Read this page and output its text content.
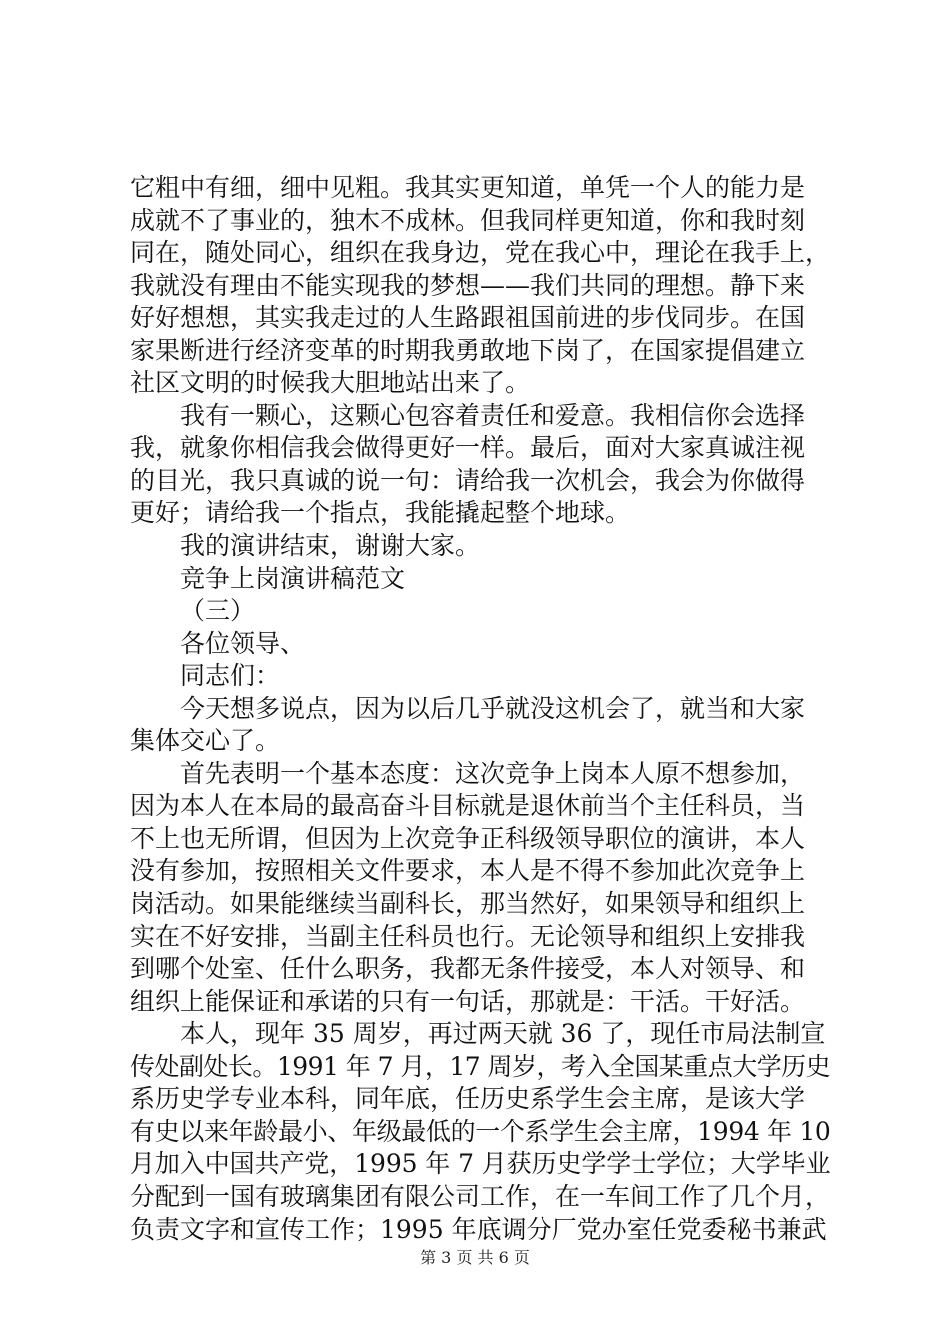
它粗中有细，细中见粗。我其实更知道，单凭一个人的能力是
成就不了事业的，独木不成林。但我同样更知道，你和我时刻
同在，随处同心，组织在我身边，党在我心中，理论在我手上，
我就没有理由不能实现我的梦想——我们共同的理想。静下来
好好想想，其实我走过的人生路跟祖国前进的步伐同步。在国
家果断进行经济变革的时期我勇敢地下岗了，在国家提倡建立
社区文明的时候我大胆地站出来了。
我有一颗心，这颗心包容着责任和爱意。我相信你会选择
我，就象你相信我会做得更好一样。最后，面对大家真诚注视
的目光，我只真诚的说一句：请给我一次机会，我会为你做得
更好；请给我一个指点，我能撬起整个地球。
我的演讲结束，谢谢大家。
竞争上岗演讲稿范文
（三）
各位领导、
同志们：
今天想多说点，因为以后几乎就没这机会了，就当和大家
集体交心了。
首先表明一个基本态度：这次竞争上岗本人原不想参加，
因为本人在本局的最高奋斗目标就是退休前当个主任科员，当
不上也无所谓，但因为上次竞争正科级领导职位的演讲，本人
没有参加，按照相关文件要求，本人是不得不参加此次竞争上
岗活动。如果能继续当副科长，那当然好，如果领导和组织上
实在不好安排，当副主任科员也行。无论领导和组织上安排我
到哪个处室、任什么职务，我都无条件接受，本人对领导、和
组织上能保证和承诺的只有一句话，那就是：干活。干好活。
本人，现年 35 周岁，再过两天就 36 了，现任市局法制宣
传处副处长。1991 年 7 月，17 周岁，考入全国某重点大学历史
系历史学专业本科，同年底，任历史系学生会主席，是该大学
有史以来年龄最小、年级最低的一个系学生会主席，1994 年 10
月加入中国共产党，1995 年 7 月获历史学学士学位；大学毕业
分配到一国有玻璃集团有限公司工作，在一车间工作了几个月，
负责文字和宣传工作；1995 年底调分厂党办室任党委秘书兼武
第 3 页 共 6 页
